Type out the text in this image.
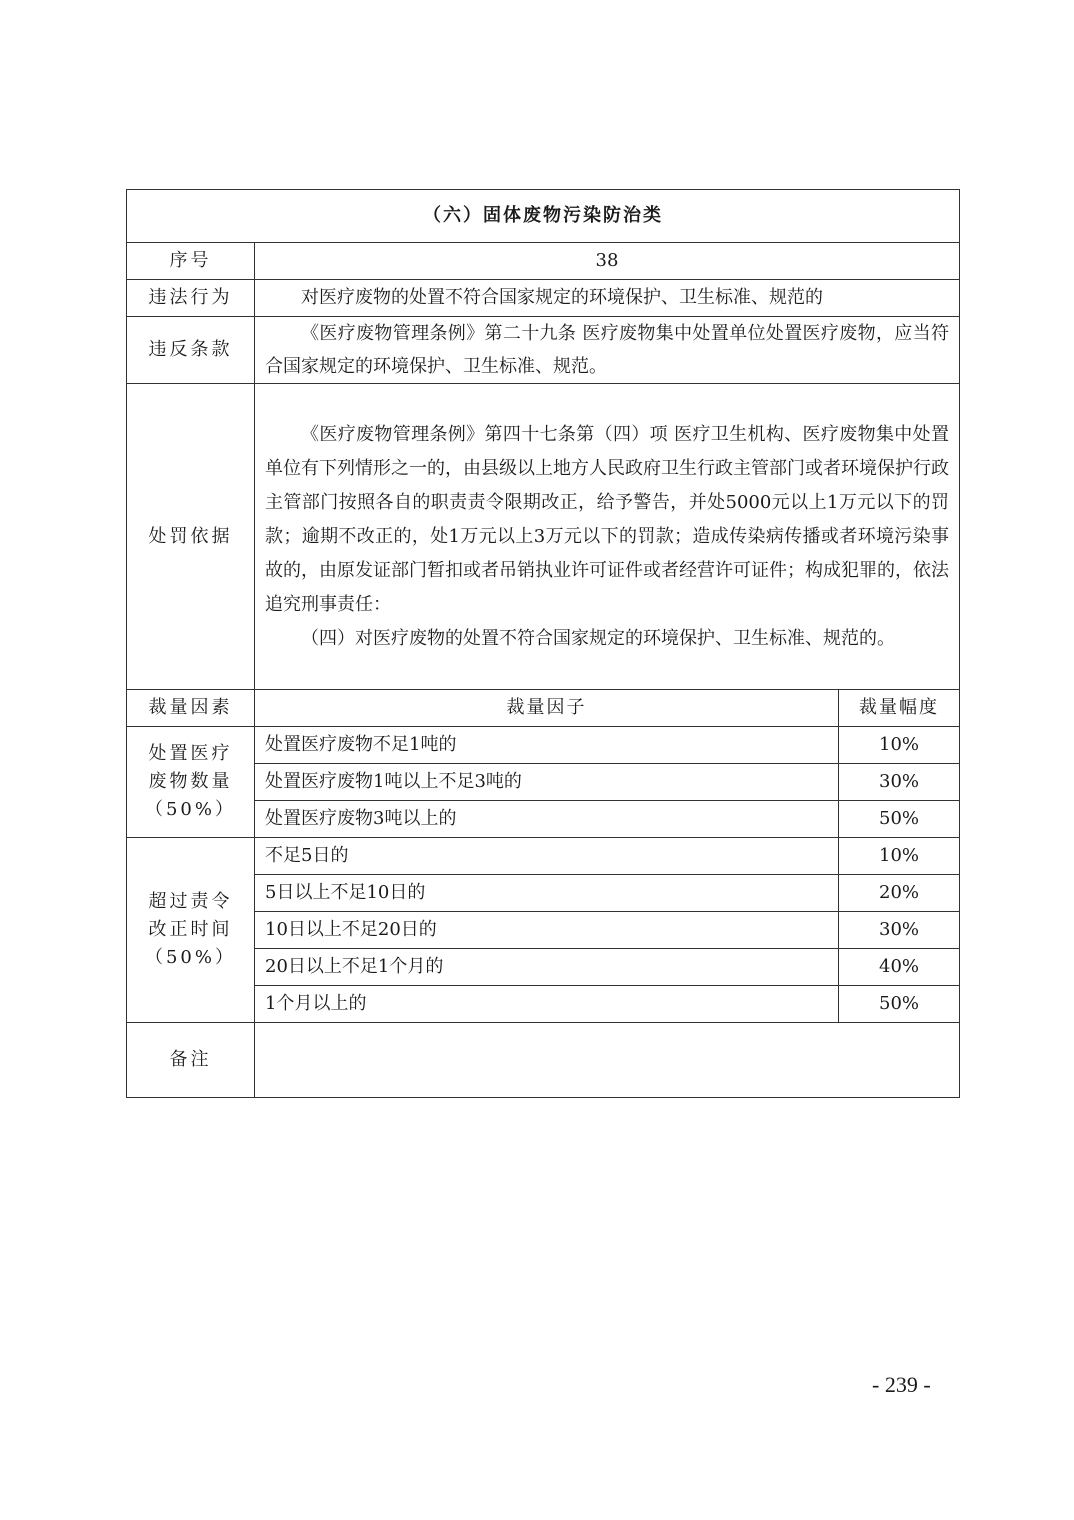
（六）固体废物污染防治类		
序号	38	
违法行为	对医疗废物的处置不符合国家规定的环境保护、卫生标准、规范的	

违反条款	《医疗废物管理条例》第二十九条 医疗废物集中处置单位处置医疗废物，应当符合国家规定的环境保护、卫生标准、规范。	

处罚依据	《医疗废物管理条例》第四十七条第（四）项 医疗卫生机构、医疗废物集中处置单位有下列情形之一的，由县级以上地方人民政府卫生行政主管部门或者环境保护行政主管部门按照各自的职责责令限期改正，给予警告，并处5000元以上1万元以下的罚款；逾期不改正的，处1万元以上3万元以下的罚款；造成传染病传播或者环境污染事故的，由原发证部门暂扣或者吊销执业许可证件或者经营许可证件；构成犯罪的，依法追究刑事责任：
（四）对医疗废物的处置不符合国家规定的环境保护、卫生标准、规范的。	

裁量因素	裁量因子	裁量幅度

处置医疗
废物数量
（50%）	处置医疗废物不足1吨的	10%
	处置医疗废物1吨以上不足3吨的	30%
	处置医疗废物3吨以上的	50%

超过责令
改正时间
（50%）	不足5日的	10%
	5日以上不足10日的	20%
	10日以上不足20日的	30%
	20日以上不足1个月的	40%
	1个月以上的	50%
备注		
- 239 -
